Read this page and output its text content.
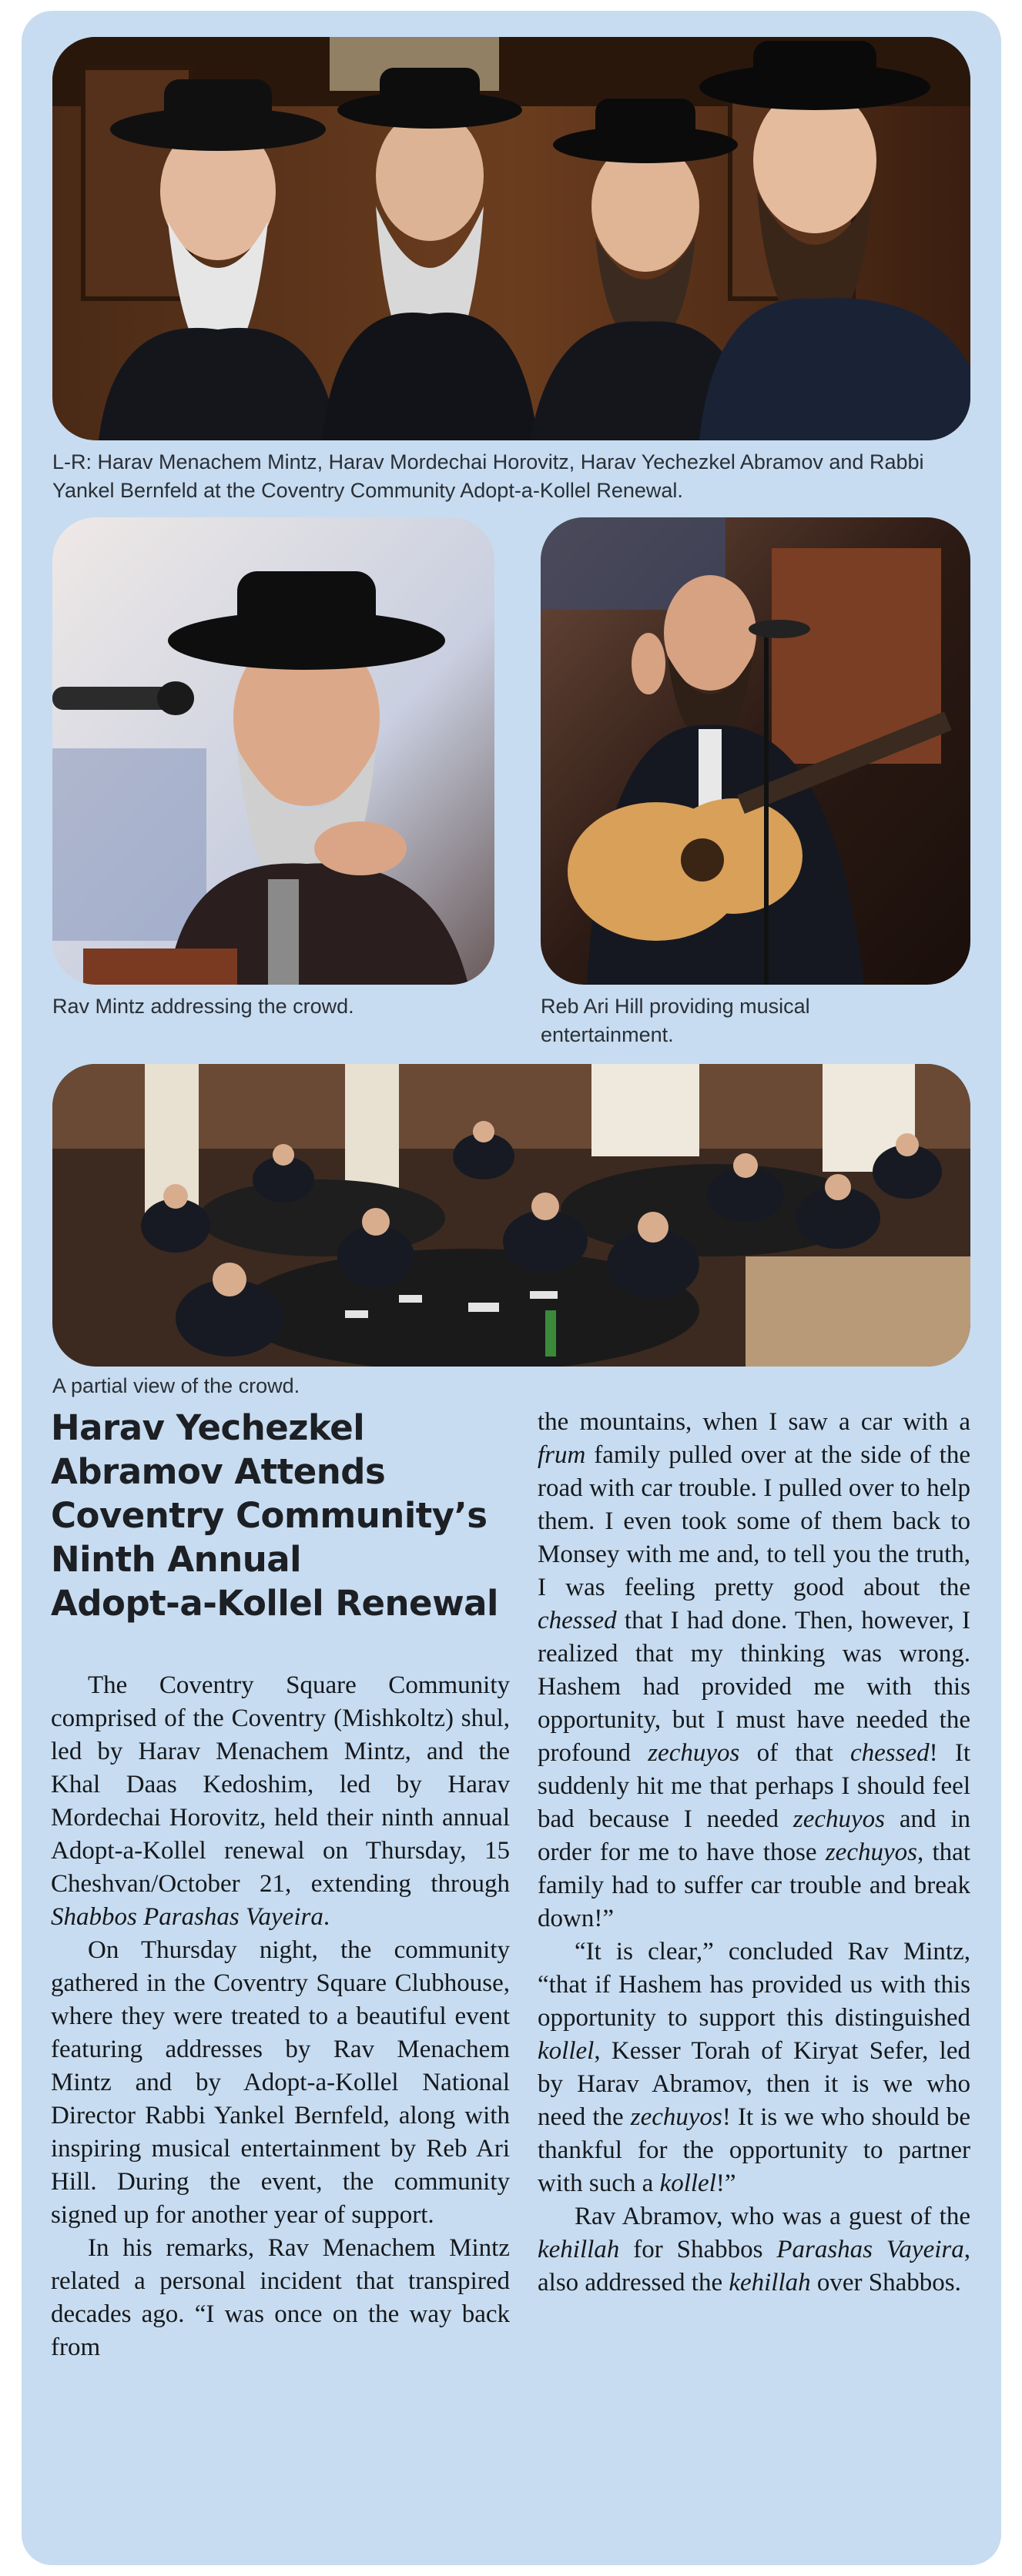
L-R: Harav Menachem Mintz, Harav Mordechai Horovitz, Harav Yechezkel Abramov and Rabbi Yankel Bernfeld at the Coventry Community Adopt-a-Kollel Renewal.
Rav Mintz addressing the crowd.	Reb Ari Hill providing musical entertainment.
A partial view of the crowd.
Harav Yechezkel
Abramov Attends
Coventry Community’s
Ninth Annual
Adopt-a-Kollel Renewal

The Coventry Square Community comprised of the Coventry (Mishkoltz) shul, led by Harav Menachem Mintz, and the Khal Daas Kedoshim, led by Harav Mordechai Horovitz, held their ninth annual Adopt-a-Kollel renewal on Thursday, 15 Cheshvan/October 21, extending through Shabbos Parashas Vayeira.

On Thursday night, the community gathered in the Coventry Square Clubhouse, where they were treated to a beautiful event featuring addresses by Rav Menachem Mintz and by Adopt-a-Kollel National Director Rabbi Yankel Bernfeld, along with inspiring musical entertainment by Reb Ari Hill. During the event, the community signed up for another year of support.

In his remarks, Rav Menachem Mintz related a personal incident that transpired decades ago. “I was once on the way back from

the mountains, when I saw a car with a frum family pulled over at the side of the road with car trouble. I pulled over to help them. I even took some of them back to Monsey with me and, to tell you the truth, I was feeling pretty good about the chessed that I had done. Then, however, I realized that my thinking was wrong. Hashem had provided me with this opportunity, but I must have needed the profound zechuyos of that chessed! It suddenly hit me that perhaps I should feel bad because I needed zechuyos and in order for me to have those zechuyos, that family had to suffer car trouble and break down!”

“It is clear,” concluded Rav Mintz, “that if Hashem has provided us with this opportunity to support this distinguished kollel, Kesser Torah of Kiryat Sefer, led by Harav Abramov, then it is we who need the zechuyos! It is we who should be thankful for the opportunity to partner with such a kollel!”

Rav Abramov, who was a guest of the kehillah for Shabbos Parashas Vayeira, also addressed the kehillah over Shabbos.
